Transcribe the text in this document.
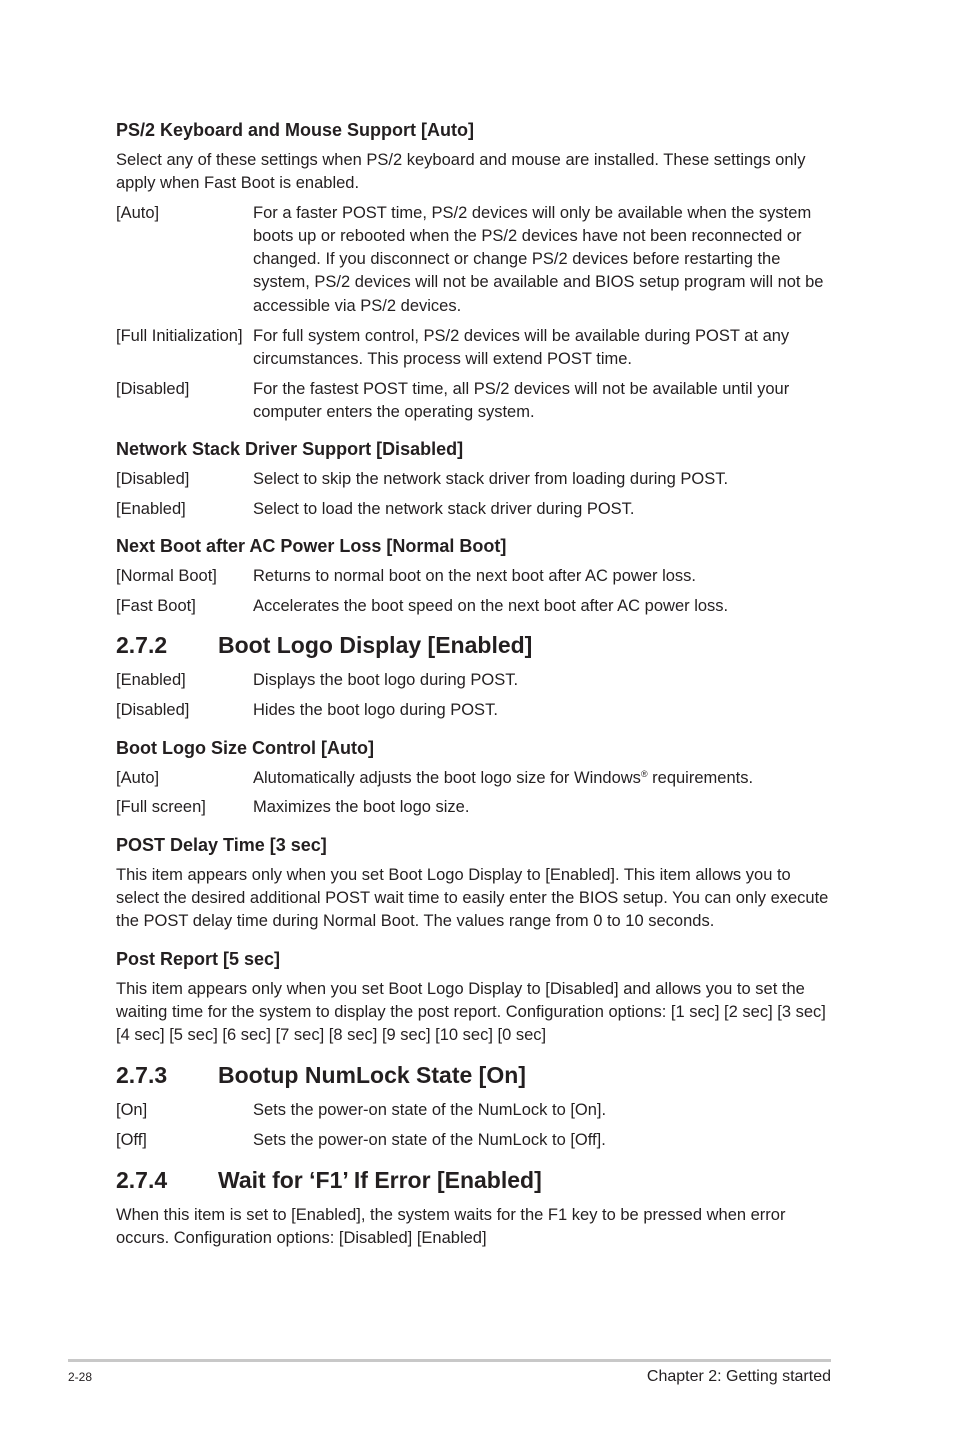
PS/2 Keyboard and Mouse Support [Auto]
Select any of these settings when PS/2 keyboard and mouse are installed. These settings only apply when Fast Boot is enabled.
[Auto]	For a faster POST time, PS/2 devices will only be available when the system boots up or rebooted when the PS/2 devices have not been reconnected or changed. If you disconnect or change PS/2 devices before restarting the system, PS/2 devices will not be available and BIOS setup program will not be accessible via PS/2 devices.
[Full Initialization] For full system control, PS/2 devices will be available during POST at any circumstances. This process will extend POST time.
[Disabled]	For the fastest POST time, all PS/2 devices will not be available until your computer enters the operating system.
Network Stack Driver Support [Disabled]
[Disabled]	Select to skip the network stack driver from loading during POST.
[Enabled]	Select to load the network stack driver during POST.
Next Boot after AC Power Loss [Normal Boot]
[Normal Boot]	Returns to normal boot on the next boot after AC power loss.
[Fast Boot]	Accelerates the boot speed on the next boot after AC power loss.
2.7.2	Boot Logo Display [Enabled]
[Enabled]	Displays the boot logo during POST.
[Disabled]	Hides the boot logo during POST.
Boot Logo Size Control [Auto]
[Auto]	Alutomatically adjusts the boot logo size for Windows® requirements.
[Full screen]	Maximizes the boot logo size.
POST Delay Time [3 sec]
This item appears only when you set Boot Logo Display to [Enabled]. This item allows you to select the desired additional POST wait time to easily enter the BIOS setup. You can only execute the POST delay time during Normal Boot. The values range from 0 to 10 seconds.
Post Report [5 sec]
This item appears only when you set Boot Logo Display to [Disabled] and allows you to set the waiting time for the system to display the post report. Configuration options: [1 sec] [2 sec] [3 sec] [4 sec] [5 sec] [6 sec] [7 sec] [8 sec] [9 sec] [10 sec] [0 sec]
2.7.3	Bootup NumLock State [On]
[On]	Sets the power-on state of the NumLock to [On].
[Off]	Sets the power-on state of the NumLock to [Off].
2.7.4	Wait for ‘F1’ If Error [Enabled]
When this item is set to [Enabled], the system waits for the F1 key to be pressed when error occurs. Configuration options: [Disabled] [Enabled]
2-28	Chapter 2: Getting started
